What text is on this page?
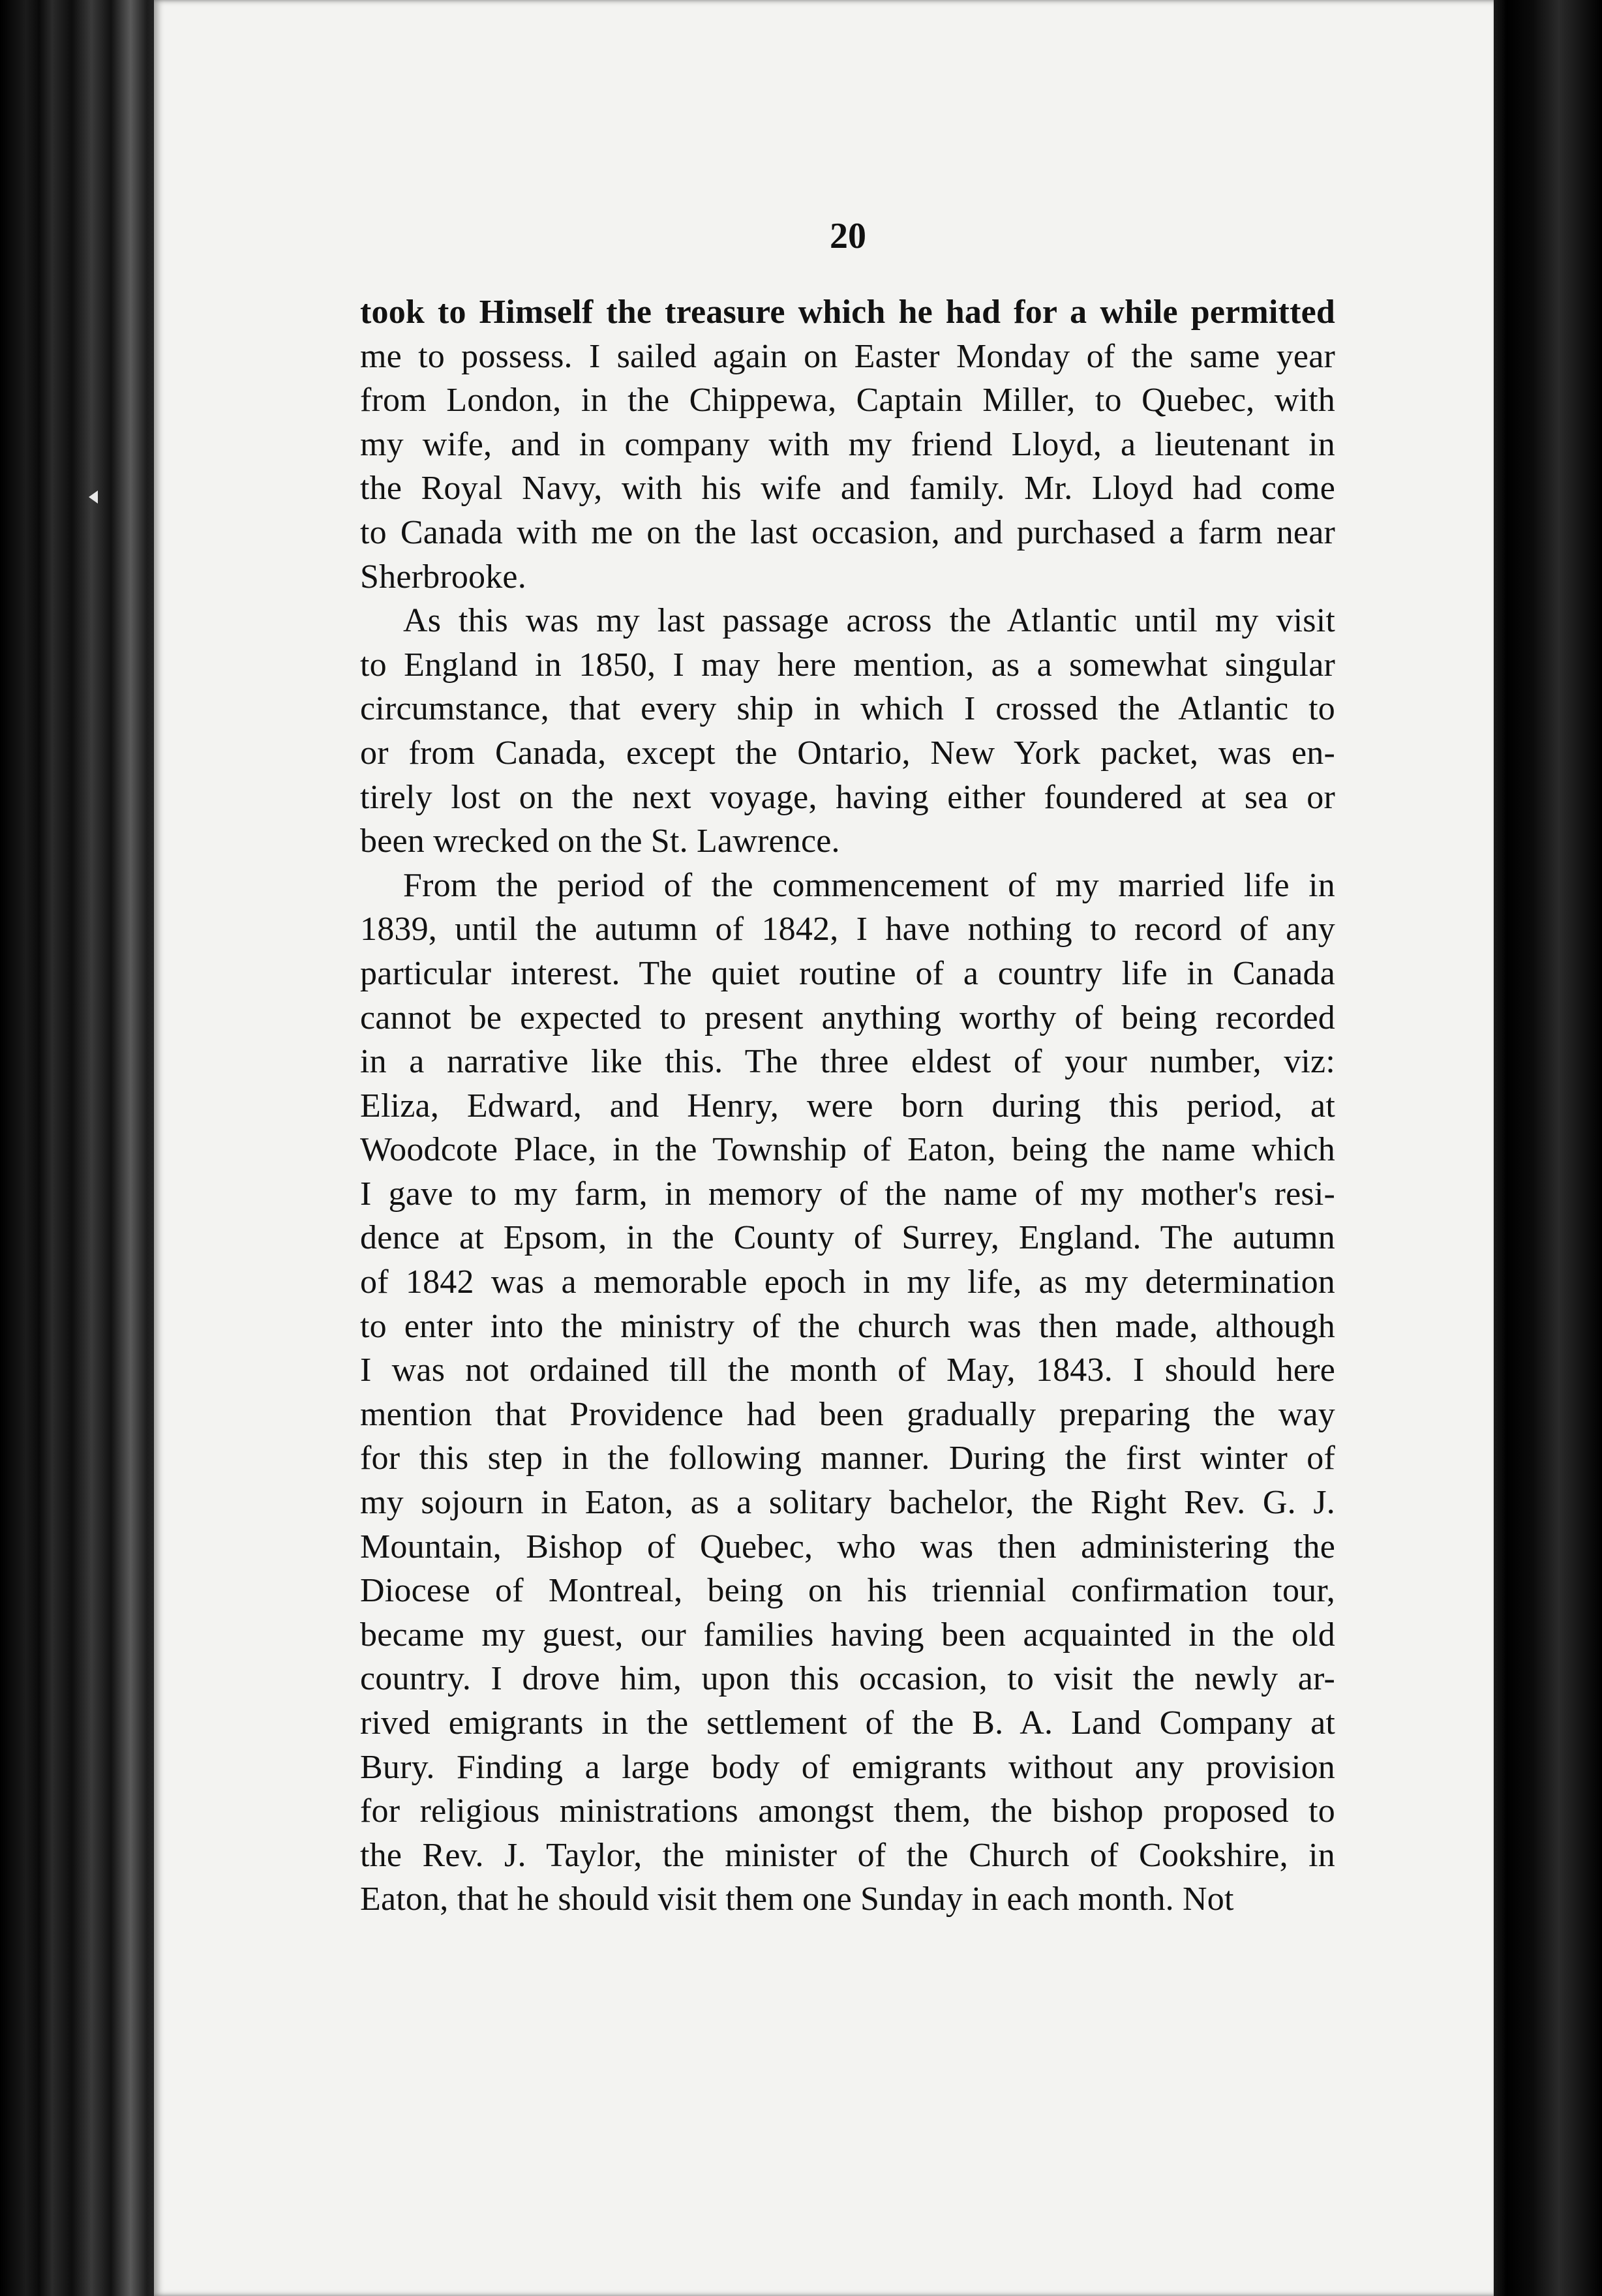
20
took to Himself the treasure which he had for a while permitted
me to possess. I sailed again on Easter Monday of the same year
from London, in the Chippewa, Captain Miller, to Quebec, with
my wife, and in company with my friend Lloyd, a lieutenant in
the Royal Navy, with his wife and family. Mr. Lloyd had come
to Canada with me on the last occasion, and purchased a farm near
Sherbrooke.
As this was my last passage across the Atlantic until my visit
to England in 1850, I may here mention, as a somewhat singular
circumstance, that every ship in which I crossed the Atlantic to
or from Canada, except the Ontario, New York packet, was en-
tirely lost on the next voyage, having either foundered at sea or
been wrecked on the St. Lawrence.
From the period of the commencement of my married life in
1839, until the autumn of 1842, I have nothing to record of any
particular interest. The quiet routine of a country life in Canada
cannot be expected to present anything worthy of being recorded
in a narrative like this. The three eldest of your number, viz:
Eliza, Edward, and Henry, were born during this period, at
Woodcote Place, in the Township of Eaton, being the name which
I gave to my farm, in memory of the name of my mother's resi-
dence at Epsom, in the County of Surrey, England. The autumn
of 1842 was a memorable epoch in my life, as my determination
to enter into the ministry of the church was then made, although
I was not ordained till the month of May, 1843. I should here
mention that Providence had been gradually preparing the way
for this step in the following manner. During the first winter of
my sojourn in Eaton, as a solitary bachelor, the Right Rev. G. J.
Mountain, Bishop of Quebec, who was then administering the
Diocese of Montreal, being on his triennial confirmation tour,
became my guest, our families having been acquainted in the old
country. I drove him, upon this occasion, to visit the newly ar-
rived emigrants in the settlement of the B. A. Land Company at
Bury. Finding a large body of emigrants without any provision
for religious ministrations amongst them, the bishop proposed to
the Rev. J. Taylor, the minister of the Church of Cookshire, in
Eaton, that he should visit them one Sunday in each month. Not
